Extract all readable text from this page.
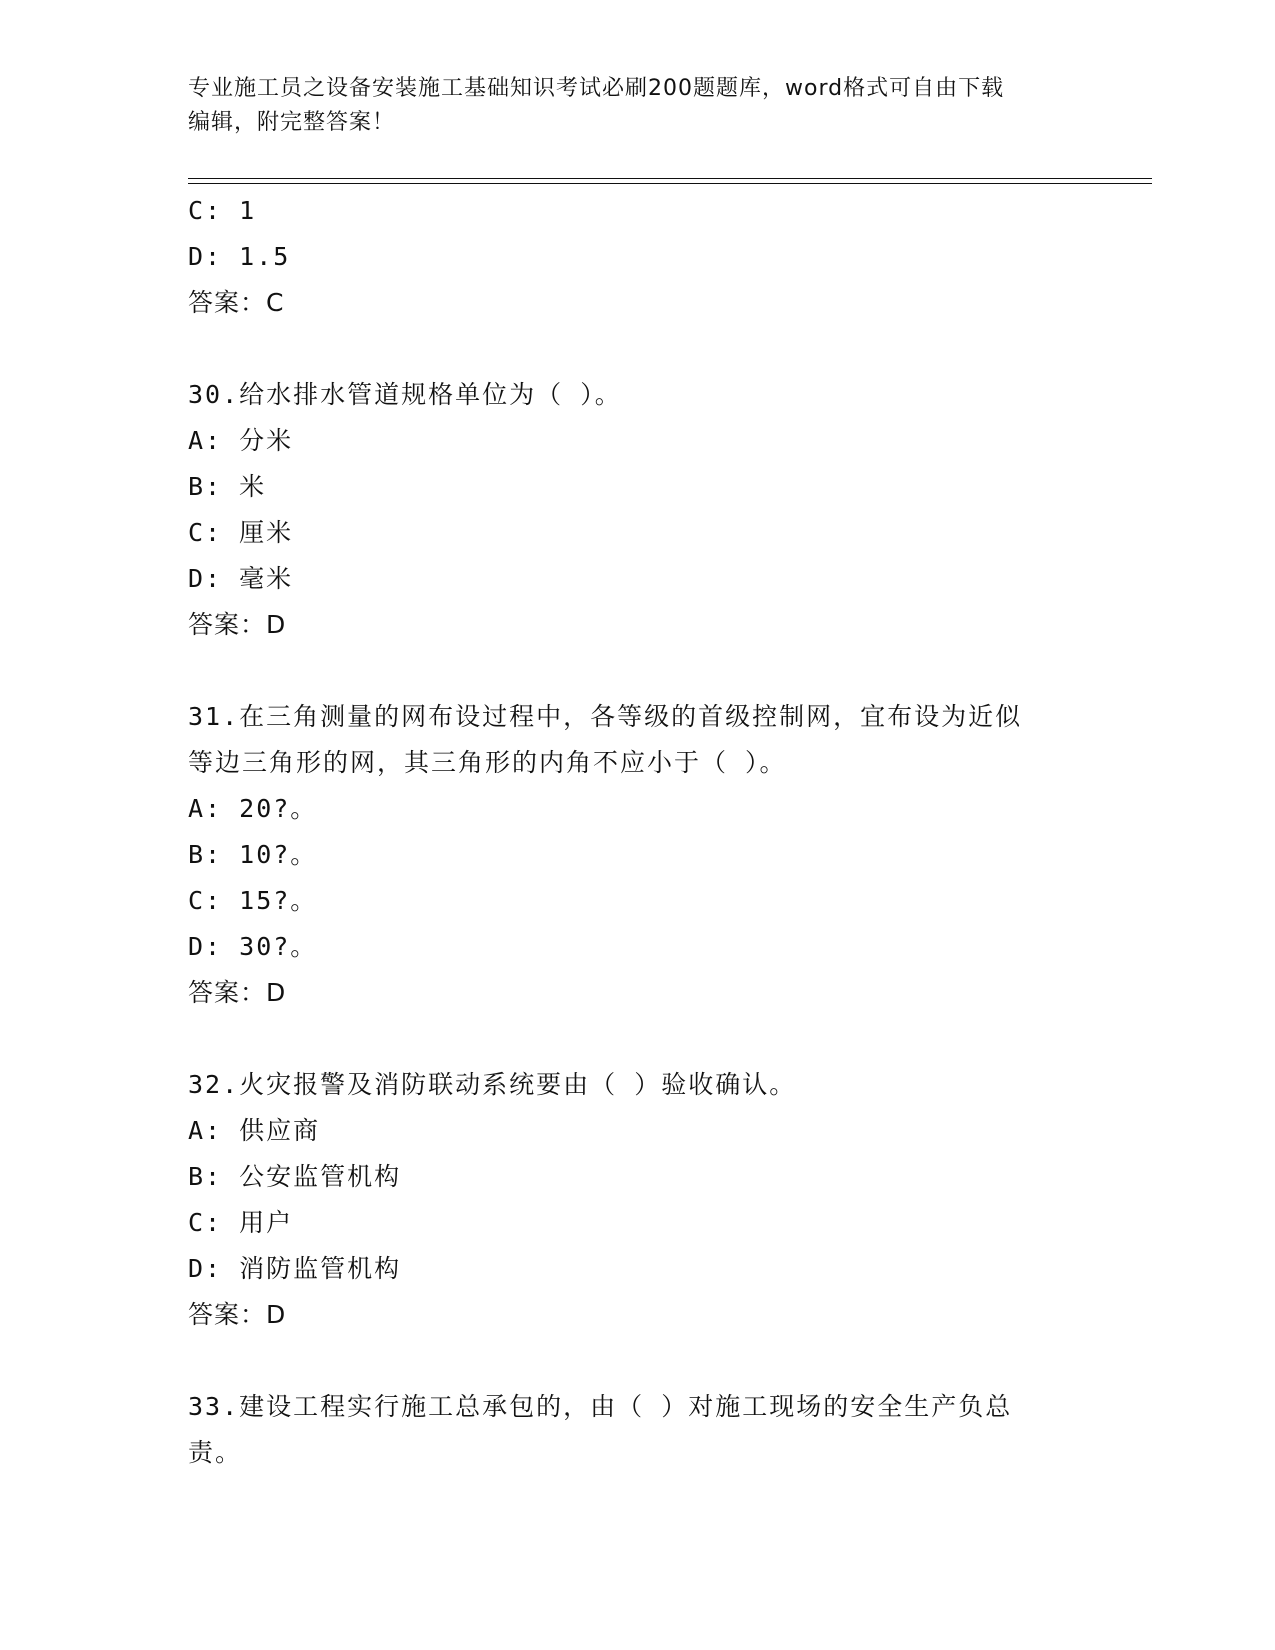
专业施工员之设备安装施工基础知识考试必刷200题题库，word格式可自由下载
编辑，附完整答案！
C: 1
D: 1.5
答案：C
30.给水排水管道规格单位为（ ）。
A: 分米
B: 米
C: 厘米
D: 毫米
答案：D
31.在三角测量的网布设过程中，各等级的首级控制网，宜布设为近似
等边三角形的网，其三角形的内角不应小于（ ）。
A: 20?。
B: 10?。
C: 15?。
D: 30?。
答案：D
32.火灾报警及消防联动系统要由（ ）验收确认。
A: 供应商
B: 公安监管机构
C: 用户
D: 消防监管机构
答案：D
33.建设工程实行施工总承包的，由（ ）对施工现场的安全生产负总
责。
